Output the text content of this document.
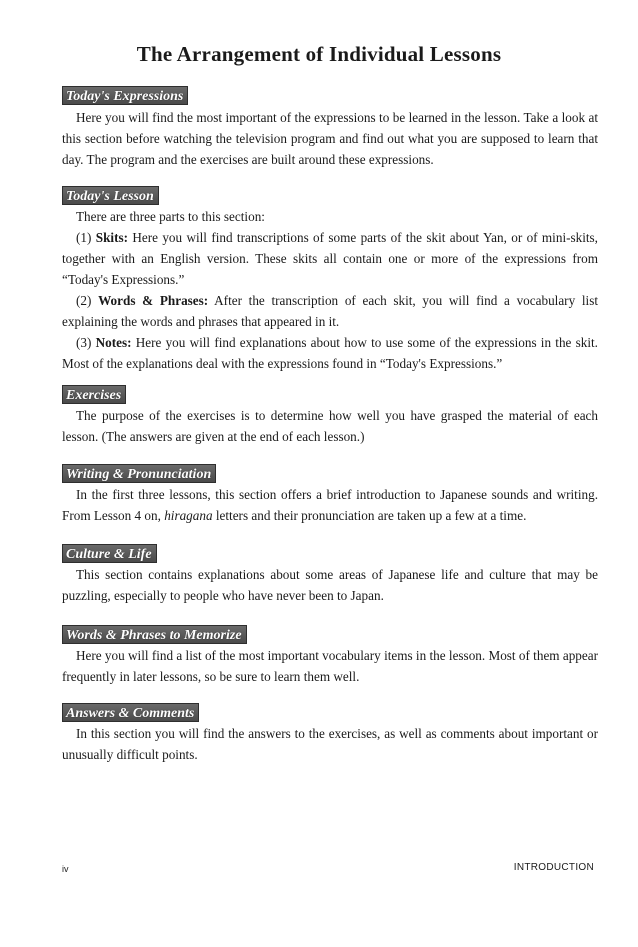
The Arrangement of Individual Lessons
Today's Expressions

Here you will find the most important of the expressions to be learned in the lesson. Take a look at this section before watching the television program and find out what you are supposed to learn that day. The program and the exercises are built around these expressions.

Today's Lesson

There are three parts to this section:

(1) Skits: Here you will find transcriptions of some parts of the skit about Yan, or of mini-skits, together with an English version. These skits all contain one or more of the expressions from “Today's Expressions.”

(2) Words & Phrases: After the transcription of each skit, you will find a vocabulary list explaining the words and phrases that appeared in it.

(3) Notes: Here you will find explanations about how to use some of the expressions in the skit. Most of the explanations deal with the expressions found in “Today's Expressions.”

Exercises

The purpose of the exercises is to determine how well you have grasped the material of each lesson. (The answers are given at the end of each lesson.)

Writing & Pronunciation

In the first three lessons, this section offers a brief introduction to Japanese sounds and writing. From Lesson 4 on, hiragana letters and their pronunciation are taken up a few at a time.

Culture & Life

This section contains explanations about some areas of Japanese life and culture that may be puzzling, especially to people who have never been to Japan.

Words & Phrases to Memorize

Here you will find a list of the most important vocabulary items in the lesson. Most of them appear frequently in later lessons, so be sure to learn them well.

Answers & Comments

In this section you will find the answers to the exercises, as well as comments about important or unusually difficult points.

iv	INTRODUCTION
